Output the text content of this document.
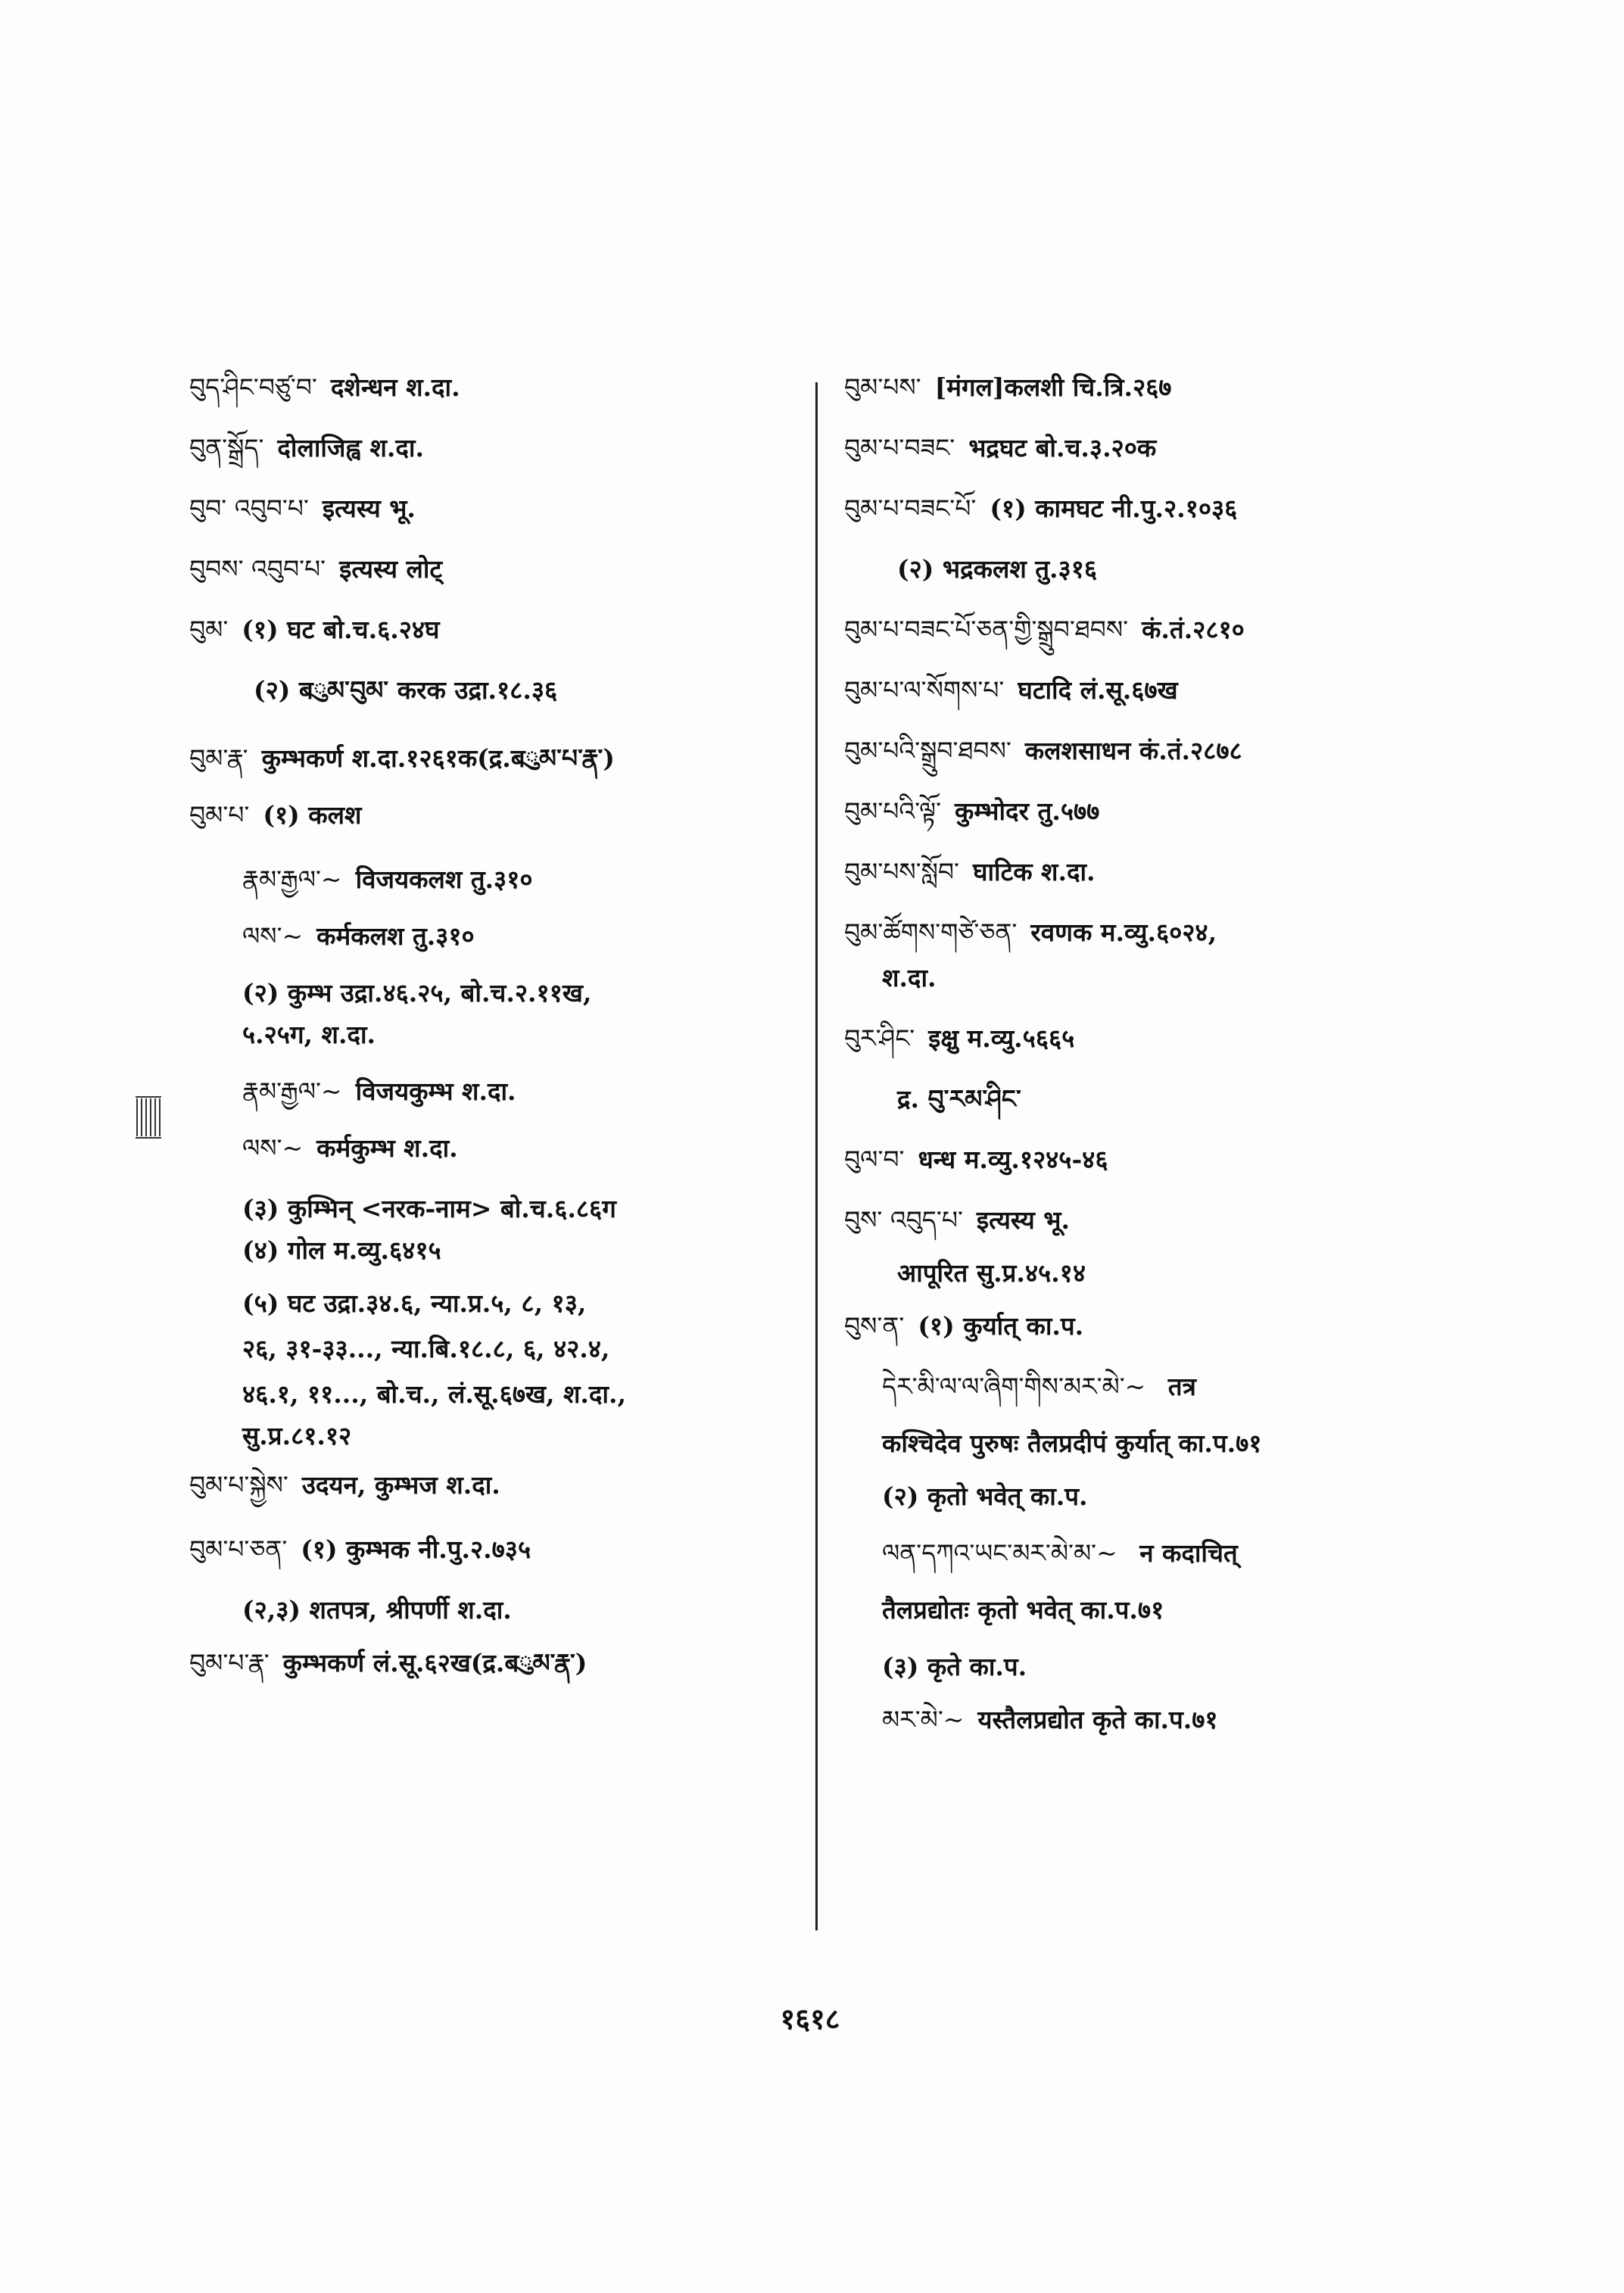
བུད་ཤིང་བཙུ་བ་ दशेन्धन श.दा.
བུན་སྒྲོད་ दोलाजिह्व श.दा.
བུབ་ འབུབ་པ་ इत्यस्य भू.
བུབས་ འབུབ་པ་ इत्यस्य लोट्
བུམ་ (१) घट बो.च.६.२४घ
(२) बུམ་བུམ་ करक उद्रा.१८.३६
བུམ་རྣ་ कुम्भकर्ण श.दा.१२६१क(द्र.बུམ་པ་རྣ་)
བུམ་པ་ (१) कलश
རྣམ་རྒྱལ་~ विजयकलश तु.३१०
ལས་~ कर्मकलश तु.३१०
(२) कुम्भ उद्रा.४६.२५, बो.च.२.११ख,
५.२५ग, श.दा.
རྣམ་རྒྱལ་~ विजयकुम्भ श.दा.
ལས་~ कर्मकुम्भ श.दा.
(३) कुम्भिन् <नरक-नाम> बो.च.६.८६ग
(४) गोल म.व्यु.६४१५
(५) घट उद्रा.३४.६, न्या.प्र.५, ८, १३,
२६, ३१-३३..., न्या.बि.१८.८, ६, ४२.४,
४६.१, ११..., बो.च., लं.सू.६७ख, श.दा.,
सु.प्र.८१.१२
བུམ་པ་སྐྱེས་ उदयन, कुम्भज श.दा.
བུམ་པ་ཅན་ (१) कुम्भक नी.पु.२.७३५
(२,३) शतपत्र, श्रीपर्णी श.दा.
བུམ་པ་རྣ་ कुम्भकर्ण लं.सू.६२ख(द्र.बུམ་རྣ་)
བུམ་པས་ [मंगल]कलशी चि.त्रि.२६७
བུམ་པ་བཟང་ भद्रघट बो.च.३.२०क
བུམ་པ་བཟང་པོ་ (१) कामघट नी.पु.२.१०३६
(२) भद्रकलश तु.३१६
བུམ་པ་བཟང་པོ་ཅན་གྱི་སྒྲུབ་ཐབས་ कं.तं.२८१०
བུམ་པ་ལ་སོགས་པ་ घटादि लं.सू.६७ख
བུམ་པའི་སྒྲུབ་ཐབས་ कलशसाधन कं.तं.२८७८
བུམ་པའི་ལྟོ་ कुम्भोदर तु.५७७
བུམ་པས་སློབ་ घाटिक श.दा.
བུམ་ཚོགས་གཙེ་ཅན་ रवणक म.व्यु.६०२४,
श.दा.
བུར་ཤིང་ इक्षु म.व्यु.५६६५
द्र. བུ་རམ་ཤིང་
བུལ་བ་ धन्ध म.व्यु.१२४५-४६
བུས་ འབུད་པ་ इत्यस्य भू.
आपूरित सु.प्र.४५.१४
བུས་ན་ (१) कुर्यात् का.प.
དེར་མི་ལ་ལ་ཞིག་གིས་མར་མེ་~ तत्र
कश्चिदेव पुरुषः तैलप्रदीपं कुर्यात् का.प.७१
(२) कृतो भवेत् का.प.
ལན་དཀའ་ཡང་མར་མེ་མ་~ न कदाचित्
तैलप्रद्योतः कृतो भवेत् का.प.७१
(३) कृते का.प.
མར་མེ་~ यस्तैलप्रद्योत कृते का.प.७१
१६१८
